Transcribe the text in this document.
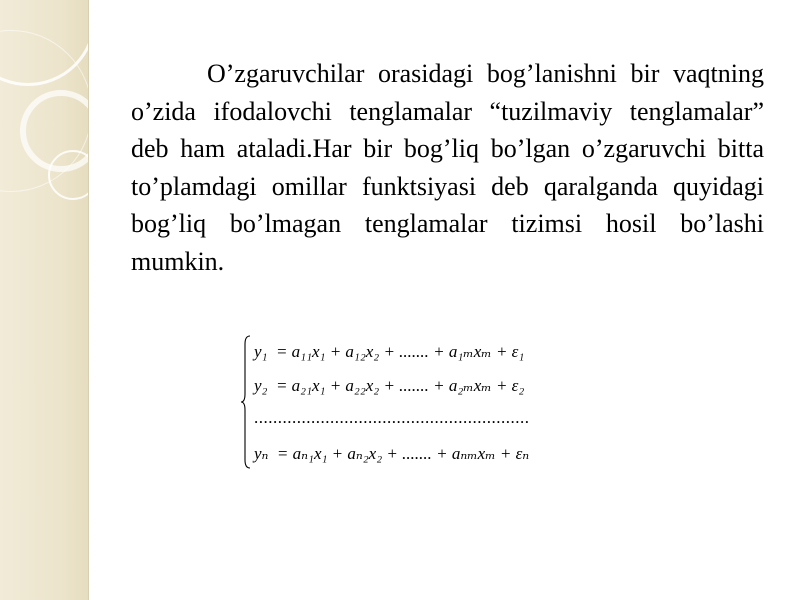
O’zgaruvchilar orasidagi bog’lanishni bir vaqtning o’zida ifodalovchi tenglamalar “tuzilmaviy tenglamalar” deb ham ataladi.Har bir bog’liq bo’lgan o’zgaruvchi bitta to’plamdagi omillar funktsiyasi deb qaralganda quyidagi bog’liq bo’lmagan tenglamalar tizimsi hosil bo’lashi mumkin.

y₁  = a₁₁x₁ + a₁₂x₂ + ....... + a₁ₘxₘ + ε₁
y₂  = a₂₁x₁ + a₂₂x₂ + ....... + a₂ₘxₘ + ε₂
..........................................................
yₙ  = aₙ₁x₁ + aₙ₂x₂ + ....... + aₙₘxₘ + εₙ
